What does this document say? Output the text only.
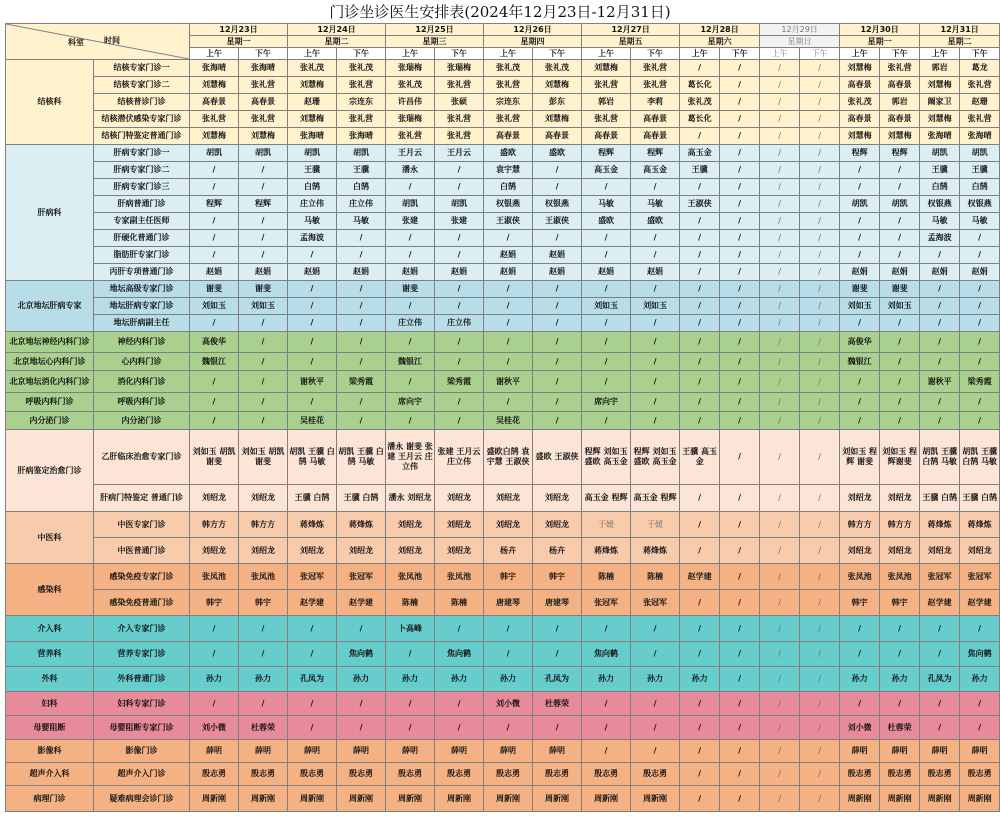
门诊坐诊医生安排表(2024年12月23日-12月31日)
科室 时间		12月23日		12月24日		12月25日		12月26日		12月27日		12月28日		12月29日		12月30日		12月31日	
		星期一		星期二		星期三		星期四		星期五		星期六		星期日		星期一		星期二	
		上午	下午	上午	下午	上午	下午	上午	下午	上午	下午	上午	下午	上午	下午	上午	下午	上午	下午
结核科	结核专家门诊一	张海晴	张海晴	张礼茂	张礼茂	张瑞梅	张瑞梅	张礼茂	张礼茂	刘慧梅	张礼营	/	/	/	/	刘慧梅	张礼营	郭岩	葛龙
	结核专家门诊二	刘慧梅	张礼营	刘慧梅	张礼营	张礼茂	张礼营	张礼营	刘慧梅	张礼营	张礼营	葛长化	/	/	/	高春景	高春景	刘慧梅	张礼营
	结核普诊门诊	高春景	高春景	赵珊	宗连东	许昌伟	张硕	宗连东	彭东	郭岩	李莉	张礼茂	/	/	/	张礼茂	郭岩	阚家卫	赵珊
	结核潜伏感染专家门诊	张礼营	张礼营	刘慧梅	张礼营	张瑞梅	张礼营	张礼营	刘慧梅	张礼营	高春景	葛长化	/	/	/	高春景	高春景	刘慧梅	张礼营
	结核门特鉴定普通门诊	刘慧梅	刘慧梅	张海晴	张海晴	张礼营	张礼营	高春景	高春景	高春景	高春景	/	/	/	/	刘慧梅	刘慧梅	张海晴	张海晴
肝病科	肝病专家门诊一	胡凯	胡凯	胡凯	胡凯	王月云	王月云	盛欧	盛欧	程辉	程辉	高玉金	/	/	/	程辉	程辉	胡凯	胡凯
	肝病专家门诊二	/	/	王骥	王骥	潘永	/	袁宇慧	/	高玉金	高玉金	王骥	/	/	/	/	/	王骥	王骥
	肝病专家门诊三	/	/	白鹄	白鹄	/	/	白鹄	/	/	/	/	/	/	/	/	/	白鹄	白鹄
	肝病普通门诊	程辉	程辉	庄立伟	庄立伟	胡凯	胡凯	权银燕	权银燕	马敏	马敏	王淑侠	/	/	/	胡凯	胡凯	权银燕	权银燕
	专家副主任医师	/	/	马敏	马敏	张建	张建	王淑侠	王淑侠	盛欧	盛欧	/	/	/	/	/	/	马敏	马敏
	肝硬化普通门诊	/	/	孟海波	/	/	/	/	/	/	/	/	/	/	/	/	/	孟海波	/
	脂肪肝专家门诊	/	/	/	/	/	/	赵娟	赵娟	/	/	/	/	/	/	/	/	/	/
	丙肝专项普通门诊	赵娟	赵娟	赵娟	赵娟	赵娟	赵娟	赵娟	赵娟	赵娟	赵娟	/	/	/	/	赵娟	赵娟	赵娟	赵娟
北京地坛肝病专家	地坛高级专家门诊	谢斐	谢斐	/	/	谢斐	/	/	/	/	/	/	/	/	/	谢斐	谢斐	/	/
	地坛肝病专家门诊	刘如玉	刘如玉	/	/	/	/	/	/	刘如玉	刘如玉	/	/	/	/	刘如玉	刘如玉	/	/
	地坛肝病副主任	/	/	/	/	庄立伟	庄立伟	/	/	/	/	/	/	/	/	/	/	/	/
北京地坛神经内科门诊	神经内科门诊	高俊华	/	/	/	/	/	/	/	/	/	/	/	/	/	高俊华	/	/	/
北京地坛心内科门诊	心内科门诊	魏银江	/	/	/	魏银江	/	/	/	/	/	/	/	/	/	魏银江	/	/	/
北京地坛消化内科门诊	消化内科门诊	/	/	谢秋平	梁秀霞	/	梁秀霞	谢秋平	/	/	/	/	/	/	/	/	/	谢秋平	梁秀霞
呼吸内科门诊	呼吸内科门诊	/	/	/	/	席向宇	/	/	/	席向宇	/	/	/	/	/	/	/	/	/
内分泌门诊	内分泌门诊	/	/	吴桂花	/	/	/	吴桂花	/	/	/	/	/	/	/	/	/	/	/
肝病鉴定治愈门诊	乙肝临床治愈专家门诊	刘如玉 胡凯 谢斐	刘如玉 胡凯谢斐	胡凯 王骥 白鹄 马敏	胡凯 王骥 白鹄 马敏	潘永 谢斐 张建 王月云 庄立伟	张建 王月云庄立伟	盛欧白鹄 袁宇慧 王淑侠	盛欧 王淑侠	程辉 刘如玉 盛欧 高玉金	程辉 刘如玉 盛欧 高玉金	王骥 高玉金	/	/	/	刘如玉 程辉 谢斐	刘如玉 程辉谢斐	胡凯 王骥 白鹄 马敏	胡凯 王骥 白鹄 马敏
	肝病门特鉴定 普通门诊	刘绍龙	刘绍龙	王骥 白鹄	王骥 白鹄	潘永 刘绍龙	刘绍龙	刘绍龙	刘绍龙	高玉金 程辉	高玉金 程辉	/	/	/	/	刘绍龙	刘绍龙	王骥 白鹄	王骥 白鹄
中医科	中医专家门诊	韩方方	韩方方	蒋烽炼	蒋烽炼	刘绍龙	刘绍龙	刘绍龙	刘绍龙	于媛	于媛	/	/	/	/	韩方方	韩方方	蒋烽炼	蒋烽炼
	中医普通门诊	刘绍龙	刘绍龙	刘绍龙	刘绍龙	刘绍龙	刘绍龙	杨卉	杨卉	蒋烽炼	蒋烽炼	/	/	/	/	刘绍龙	刘绍龙	刘绍龙	刘绍龙
感染科	感染免疫专家门诊	张凤池	张凤池	张冠军	张冠军	张凤池	张凤池	韩宇	韩宇	陈楠	陈楠	赵学建	/	/	/	张凤池	张凤池	张冠军	张冠军
	感染免疫普通门诊	韩宇	韩宇	赵学建	赵学建	陈楠	陈楠	唐建琴	唐建琴	张冠军	张冠军	/	/	/	/	韩宇	韩宇	赵学建	赵学建
介入科	介入专家门诊	/	/	/	/	卜高峰	/	/	/	/	/	/	/	/	/	/	/	/	/
营养科	营养专家门诊	/	/	/	焦向鹤	/	焦向鹤	/	/	焦向鹤	/	/	/	/	/	/	/	/	焦向鹤
外科	外科普通门诊	孙力	孙力	孔凤为	孙力	孙力	孙力	孙力	孔凤为	孙力	孙力	孙力	/	/	/	孙力	孙力	孔凤为	孙力
妇科	妇科专家门诊	/	/	/	/	/	/	刘小微	杜蓉荣	/	/	/	/	/	/	/	/	/	/
母婴阻断	母婴阻断专家门诊	刘小微	杜蓉荣	/	/	/	/	/	/	/	/	/	/	/	/	刘小微	杜蓉荣	/	/
影像科	影像门诊	薛明	薛明	薛明	薛明	薛明	薛明	薛明	薛明	/	/	/	/	/	/	薛明	薛明	薛明	薛明
超声介入科	超声介入门诊	殷志勇	殷志勇	殷志勇	殷志勇	殷志勇	殷志勇	殷志勇	殷志勇	殷志勇	殷志勇	/	/	/	/	殷志勇	殷志勇	殷志勇	殷志勇
病理门诊	疑难病理会诊门诊	周新刚	周新刚	周新刚	周新刚	周新刚	周新刚	周新刚	周新刚	周新刚	周新刚	/	/	/	/	周新刚	周新刚	周新刚	周新刚
